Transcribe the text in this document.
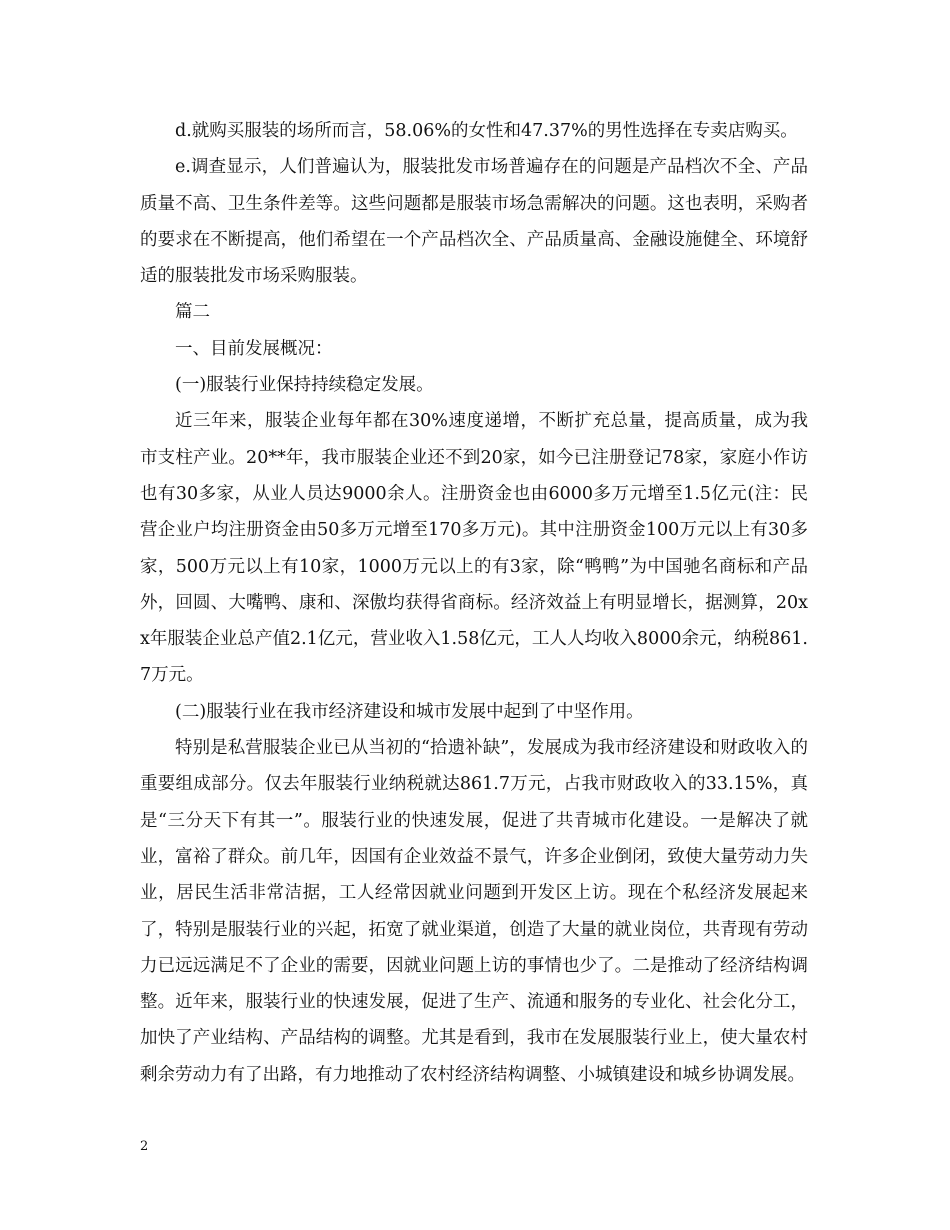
d.就购买服装的场所而言，58.06%的女性和47.37%的男性选择在专卖店购买。

e.调查显示，人们普遍认为，服装批发市场普遍存在的问题是产品档次不全、产品质量不高、卫生条件差等。这些问题都是服装市场急需解决的问题。这也表明，采购者的要求在不断提高，他们希望在一个产品档次全、产品质量高、金融设施健全、环境舒适的服装批发市场采购服装。

篇二

一、目前发展概况：

(一)服装行业保持持续稳定发展。

近三年来，服装企业每年都在30%速度递增，不断扩充总量，提高质量，成为我市支柱产业。20**年，我市服装企业还不到20家，如今已注册登记78家，家庭小作访也有30多家，从业人员达9000余人。注册资金也由6000多万元增至1.5亿元(注：民营企业户均注册资金由50多万元增至170多万元)。其中注册资金100万元以上有30多家，500万元以上有10家，1000万元以上的有3家，除“鸭鸭”为中国驰名商标和产品外，回圆、大嘴鸭、康和、深傲均获得省商标。经济效益上有明显增长，据测算，20xx年服装企业总产值2.1亿元，营业收入1.58亿元，工人人均收入8000余元，纳税861.7万元。

(二)服装行业在我市经济建设和城市发展中起到了中坚作用。

特别是私营服装企业已从当初的“拾遗补缺”，发展成为我市经济建设和财政收入的重要组成部分。仅去年服装行业纳税就达861.7万元，占我市财政收入的33.15%，真是“三分天下有其一”。服装行业的快速发展，促进了共青城市化建设。一是解决了就业，富裕了群众。前几年，因国有企业效益不景气，许多企业倒闭，致使大量劳动力失业，居民生活非常洁据，工人经常因就业问题到开发区上访。现在个私经济发展起来了，特别是服装行业的兴起，拓宽了就业渠道，创造了大量的就业岗位，共青现有劳动力已远远满足不了企业的需要，因就业问题上访的事情也少了。二是推动了经济结构调整。近年来，服装行业的快速发展，促进了生产、流通和服务的专业化、社会化分工，加快了产业结构、产品结构的调整。尤其是看到，我市在发展服装行业上，使大量农村剩余劳动力有了出路，有力地推动了农村经济结构调整、小城镇建设和城乡协调发展。

2
